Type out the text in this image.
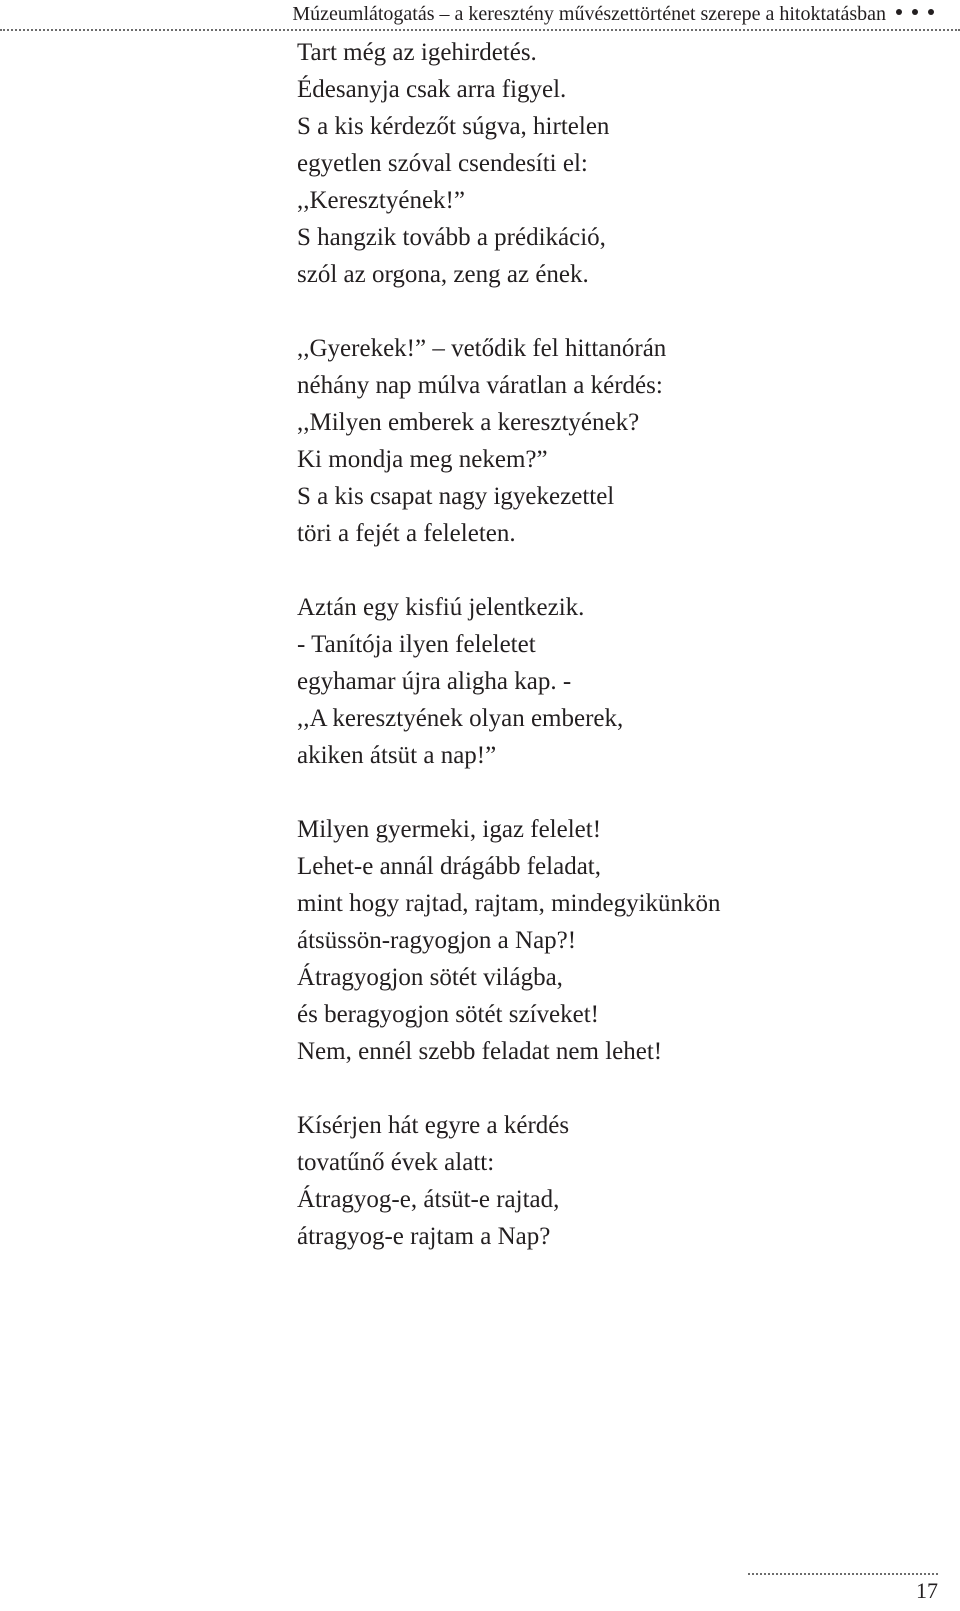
Múzeumlátogatás – a keresztény művészettörténet szerepe a hitoktatásban
Tart még az igehirdetés.
Édesanyja csak arra figyel.
S a kis kérdezőt súgva, hirtelen
egyetlen szóval csendesíti el:
,,Keresztyének!”
S hangzik tovább a prédikáció,
szól az orgona, zeng az ének.
,,Gyerekek!” – vetődik fel hittanórán
néhány nap múlva váratlan a kérdés:
,,Milyen emberek a keresztyének?
Ki mondja meg nekem?”
S a kis csapat nagy igyekezettel
töri a fejét a feleleten.
Aztán egy kisfiú jelentkezik.
- Tanítója ilyen feleletet
egyhamar újra aligha kap. -
,,A keresztyének olyan emberek,
akiken átsüt a nap!”
Milyen gyermeki, igaz felelet!
Lehet-e annál drágább feladat,
mint hogy rajtad, rajtam, mindegyikünkön
átsüssön-ragyogjon a Nap?!
Átragyogjon sötét világba,
és beragyogjon sötét szíveket!
Nem, ennél szebb feladat nem lehet!
Kísérjen hát egyre a kérdés
tovatűnő évek alatt:
Átragyog-e, átsüt-e rajtad,
átragyog-e rajtam a Nap?
17
